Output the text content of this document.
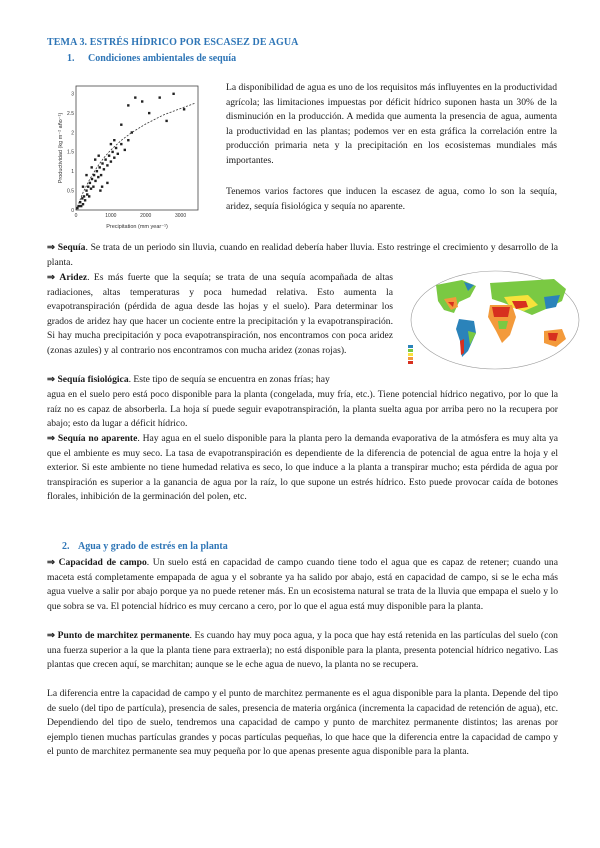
TEMA 3. ESTRÉS HÍDRICO POR ESCASEZ DE AGUA
1. Condiciones ambientales de sequía
0
0.5
1
1.5
2
2.5
3
0	1000	2000	3000
Precipitation (mm year⁻¹)
Productividad (kg m⁻² año⁻¹)
La disponibilidad de agua es uno de los requisitos más influyentes en la productividad agrícola; las limitaciones impuestas por déficit hídrico suponen hasta un 30% de la disminución en la producción. A medida que aumenta la presencia de agua, aumenta la productividad en las plantas; podemos ver en esta gráfica la correlación entre la producción primaria neta y la precipitación en los ecosistemas mundiales más importantes.
Tenemos varios factores que inducen la escasez de agua, como lo son la sequía, aridez, sequía fisiológica y sequía no aparente.
⇒ Sequía. Se trata de un periodo sin lluvia, cuando en realidad debería haber lluvia. Esto restringe el crecimiento y desarrollo de la planta.
⇒ Aridez. Es más fuerte que la sequía; se trata de una sequía acompañada de altas radiaciones, altas temperaturas y poca humedad relativa. Esto aumenta la evapotranspiración (pérdida de agua desde las hojas y el suelo). Para determinar los grados de aridez hay que hacer un cociente entre la precipitación y la evapotranspiración. Si hay mucha precipitación y poca evapotranspiración, nos encontramos con poca aridez (zonas azules) y al contrario nos encontramos con mucha aridez (zonas rojas).
⇒ Sequía fisiológica. Este tipo de sequía se encuentra en zonas frías; hay
agua en el suelo pero está poco disponible para la planta (congelada, muy fría, etc.). Tiene potencial hídrico negativo, por lo que la raíz no es capaz de absorberla. La hoja sí puede seguir evapotranspiración, la planta suelta agua por arriba pero no la recupera por abajo; esto da lugar a déficit hídrico.
⇒ Sequía no aparente. Hay agua en el suelo disponible para la planta pero la demanda evaporativa de la atmósfera es muy alta ya que el ambiente es muy seco. La tasa de evapotranspiración es dependiente de la diferencia de potencial de agua entre la hoja y el exterior. Si este ambiente no tiene humedad relativa es seco, lo que induce a la planta a transpirar mucho; esta pérdida de agua por transpiración es superior a la ganancia de agua por la raíz, lo que supone un estrés hídrico. Esto puede provocar caída de botones florales, inhibición de la germinación del polen, etc.
2. Agua y grado de estrés en la planta
⇒ Capacidad de campo. Un suelo está en capacidad de campo cuando tiene todo el agua que es capaz de retener; cuando una maceta está completamente empapada de agua y el sobrante ya ha salido por abajo, está en capacidad de campo, si se le echa más agua vuelve a salir por abajo porque ya no puede retener más. En un ecosistema natural se trata de la lluvia que empapa el suelo y lo que sobra se va. El potencial hídrico es muy cercano a cero, por lo que el agua está muy disponible para la planta.
⇒ Punto de marchitez permanente. Es cuando hay muy poca agua, y la poca que hay está retenida en las partículas del suelo (con una fuerza superior a la que la planta tiene para extraerla); no está disponible para la planta, presenta potencial hídrico negativo. Las plantas que crecen aquí, se marchitan; aunque se le eche agua de nuevo, la planta no se recupera.
La diferencia entre la capacidad de campo y el punto de marchitez permanente es el agua disponible para la planta. Depende del tipo de suelo (del tipo de partícula), presencia de sales, presencia de materia orgánica (incrementa la capacidad de retención de agua), etc. Dependiendo del tipo de suelo, tendremos una capacidad de campo y punto de marchitez permanente distintos; las arenas por ejemplo tienen muchas partículas grandes y pocas partículas pequeñas, lo que hace que la diferencia entre la capacidad de campo y el punto de marchitez permanente sea muy pequeña por lo que apenas presente agua disponible para la planta.
